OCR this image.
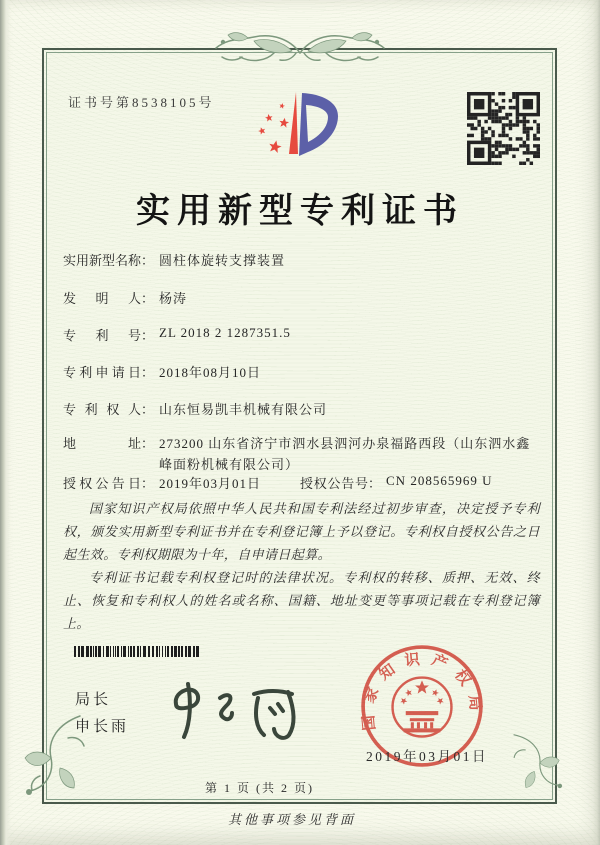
证书号第8538105号
实用新型专利证书
实用新型名称： 圆柱体旋转支撑装置
发明人： 杨涛
专利号： ZL 2018 2 1287351.5
专利申请日： 2018年08月10日
专利权人： 山东恒易凯丰机械有限公司
地址： 273200 山东省济宁市泗水县泗河办泉福路西段（山东泗水鑫峰面粉机械有限公司）
授权公告日： 2019年03月01日	授权公告号： CN 208565969 U

国家知识产权局依照中华人民共和国专利法经过初步审查，决定授予专利权，颁发实用新型专利证书并在专利登记簿上予以登记。专利权自授权公告之日起生效。专利权期限为十年，自申请日起算。

专利证书记载专利权登记时的法律状况。专利权的转移、质押、无效、终止、恢复和专利权人的姓名或名称、国籍、地址变更等事项记载在专利登记簿上。

局长
申长雨	国家知识产权局
2019年03月01日
第 1 页 (共 2 页)
其他事项参见背面
